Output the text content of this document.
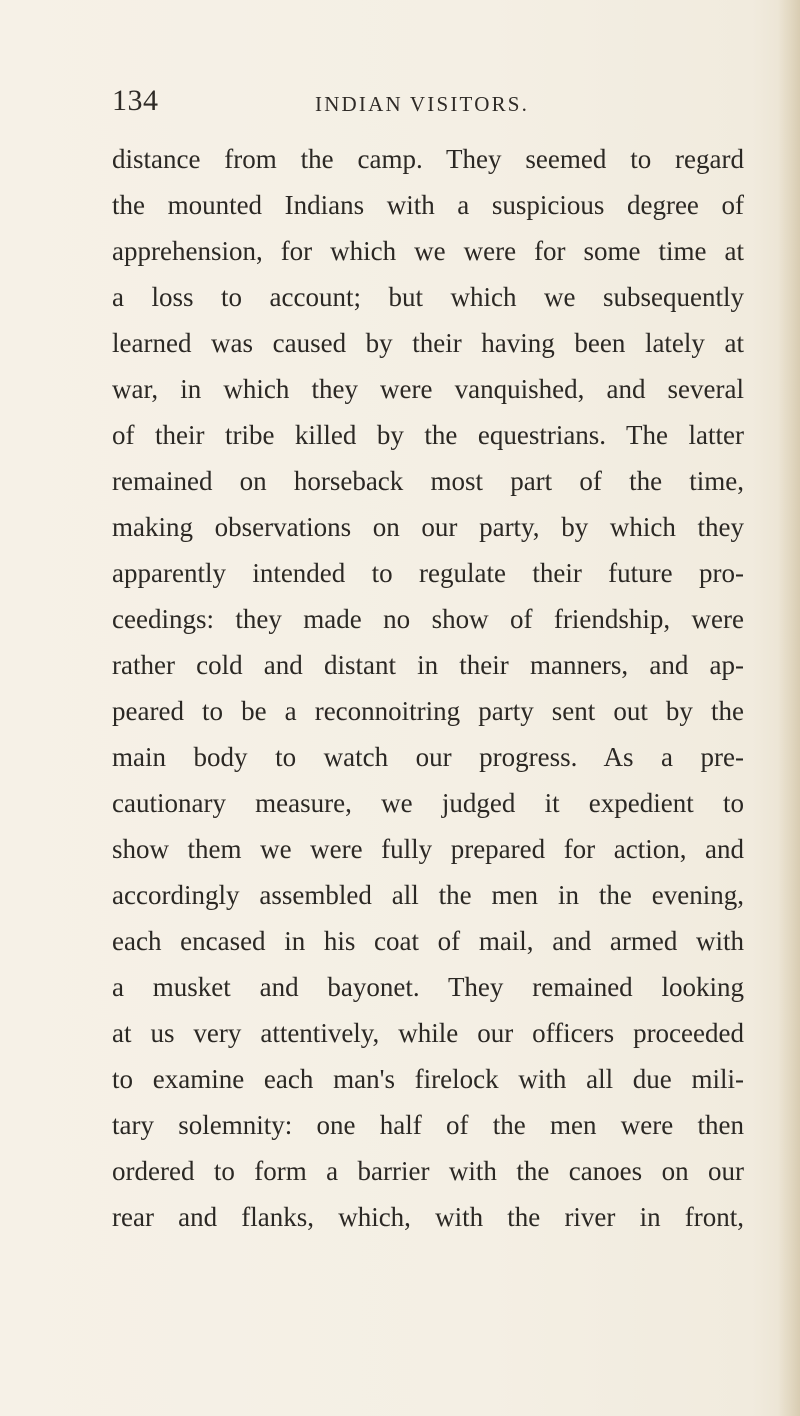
134	INDIAN VISITORS.
distance from the camp. They seemed to regard
the mounted Indians with a suspicious degree of
apprehension, for which we were for some time at
a loss to account; but which we subsequently
learned was caused by their having been lately at
war, in which they were vanquished, and several
of their tribe killed by the equestrians. The latter
remained on horseback most part of the time,
making observations on our party, by which they
apparently intended to regulate their future pro-
ceedings: they made no show of friendship, were
rather cold and distant in their manners, and ap-
peared to be a reconnoitring party sent out by the
main body to watch our progress. As a pre-
cautionary measure, we judged it expedient to
show them we were fully prepared for action, and
accordingly assembled all the men in the evening,
each encased in his coat of mail, and armed with
a musket and bayonet. They remained looking
at us very attentively, while our officers proceeded
to examine each man's firelock with all due mili-
tary solemnity: one half of the men were then
ordered to form a barrier with the canoes on our
rear and flanks, which, with the river in front,
